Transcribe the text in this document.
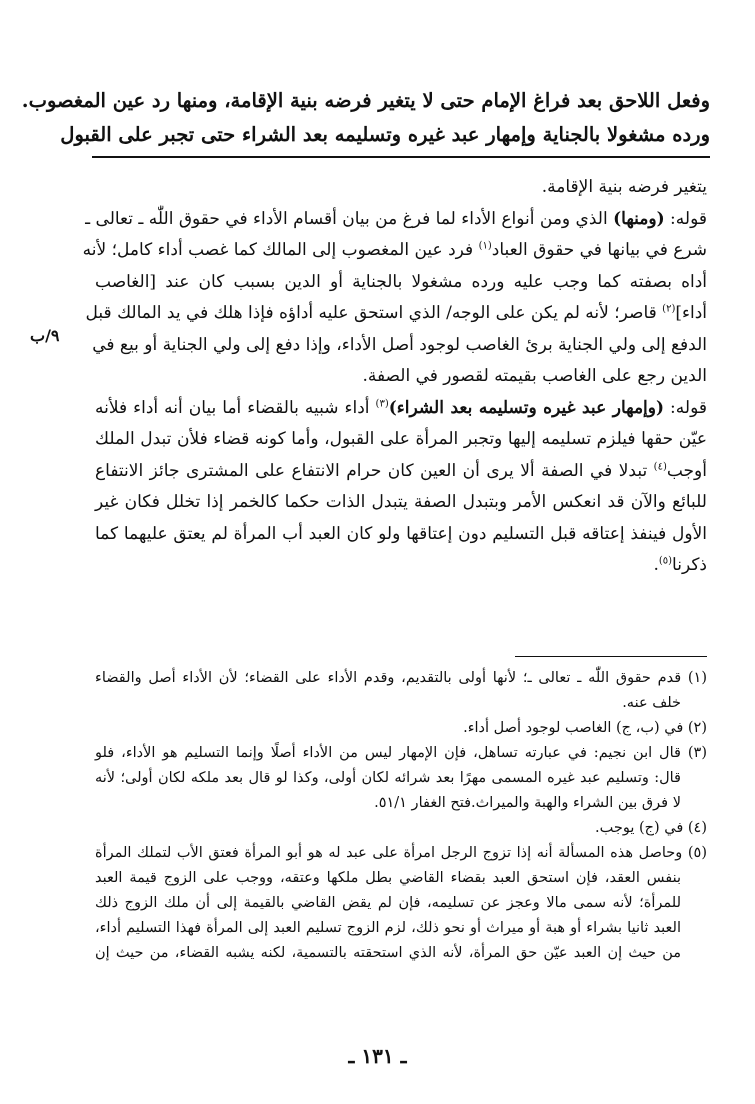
وفعل اللاحق بعد فراغ الإمام حتى لا يتغير فرضه بنية الإقامة، ومنها رد عين المغصوب.
ورده مشغولا بالجناية وإمهار عبد غيره وتسليمه بعد الشراء حتى تجبر على القبول
٩/ب
يتغير فرضه بنية الإقامة.
قوله: (ومنها) الذي ومن أنواع الأداء لما فرغ من بيان أقسام الأداء في حقوق اللّٰه ـ تعالى ـ
شرع في بيانها في حقوق العباد$^{(١)}$ فرد عين المغصوب إلى المالك كما غصب أداء كامل؛ لأنه
أداه بصفته كما وجب عليه ورده مشغولا بالجناية أو الدين بسبب كان عند [الغاصب
أداء]$^{(٢)}$ قاصر؛ لأنه لم يكن على الوجه/ الذي استحق عليه أداؤه فإذا هلك في يد المالك قبل
الدفع إلى ولي الجناية برئ الغاصب لوجود أصل الأداء، وإذا دفع إلى ولي الجناية أو بيع في
الدين رجع على الغاصب بقيمته لقصور في الصفة.
قوله: (وإمهار عبد غيره وتسليمه بعد الشراء)$^{(٣)}$ أداء شبيه بالقضاء أما بيان أنه أداء فلأنه
عيّن حقها فيلزم تسليمه إليها وتجبر المرأة على القبول، وأما كونه قضاء فلأن تبدل الملك
أوجب$^{(٤)}$ تبدلا في الصفة ألا يرى أن العين كان حرام الانتفاع على المشترى جائز الانتفاع
للبائع والآن قد انعكس الأمر وبتبدل الصفة يتبدل الذات حكما كالخمر إذا تخلل فكان غير
الأول فينفذ إعتاقه قبل التسليم دون إعتاقها ولو كان العبد أب المرأة لم يعتق عليهما كما
ذكرنا$^{(٥)}$.
(١) قدم حقوق اللّٰه ـ تعالى ـ؛ لأنها أولى بالتقديم، وقدم الأداء على القضاء؛ لأن الأداء أصل والقضاء
خلف عنه.
(٢) في (ب، ج) الغاصب لوجود أصل أداء.
(٣) قال ابن نجيم: في عبارته تساهل، فإن الإمهار ليس من الأداء أصلًا وإنما التسليم هو الأداء، فلو
قال: وتسليم عبد غيره المسمى مهرًا بعد شرائه لكان أولى، وكذا لو قال بعد ملكه لكان أولى؛ لأنه
لا فرق بين الشراء والهبة والميراث.فتح الغفار ٥١/١.
(٤) في (ج) يوجب.
(٥) وحاصل هذه المسألة أنه إذا تزوج الرجل امرأة على عبد له هو أبو المرأة فعتق الأب لتملك المرأة
بنفس العقد، فإن استحق العبد بقضاء القاضي بطل ملكها وعتقه، ووجب على الزوج قيمة العبد
للمرأة؛ لأنه سمى مالا وعجز عن تسليمه، فإن لم يقض القاضي بالقيمة إلى أن ملك الزوج ذلك
العبد ثانيا بشراء أو هبة أو ميراث أو نحو ذلك، لزم الزوج تسليم العبد إلى المرأة فهذا التسليم أداء،
من حيث إن العبد عيّن حق المرأة، لأنه الذي استحقته بالتسمية، لكنه يشبه القضاء، من حيث إن
ـ ١٣١ ـ
